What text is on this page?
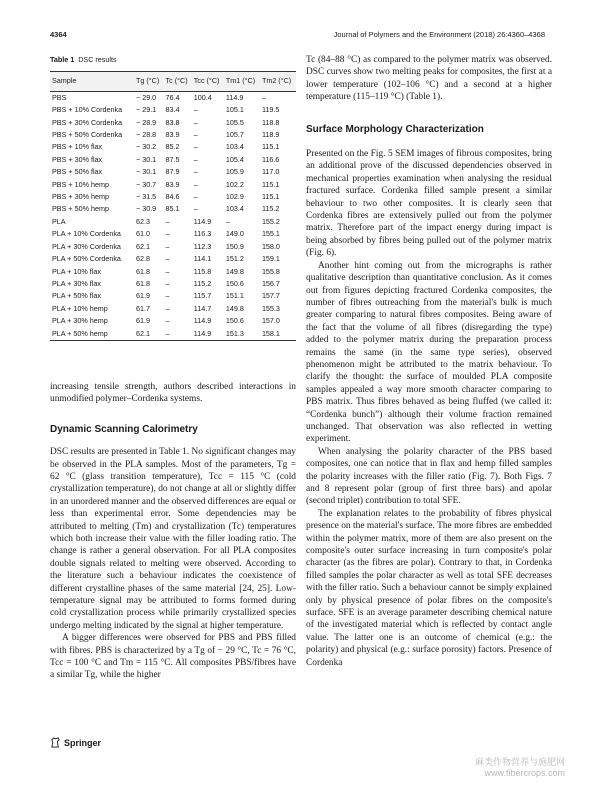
4364	Journal of Polymers and the Environment (2018) 26:4360–4368
Table 1 DSC results
Sample	Tg (°C)	Tc (°C)	Tcc (°C)	Tm1 (°C)	Tm2 (°C)
PBS	− 29.0	76.4	100.4	114.9	–
PBS + 10% Cordenka	− 29.1	83.4	–	105.1	119.5
PBS + 30% Cordenka	− 28.9	83.8	–	105.5	118.8
PBS + 50% Cordenka	− 28.8	83.9	–	105.7	118.9
PBS + 10% flax	− 30.2	85.2	–	103.4	115.1
PBS + 30% flax	− 30.1	87.5	–	105.4	116.6
PBS + 50% flax	− 30.1	87.9	–	105.9	117.0
PBS + 10% hemp	− 30.7	83.9	–	102.2	115.1
PBS + 30% hemp	− 31.5	84.6	–	102.9	115.1
PBS + 50% hemp	− 30.9	85.1	–	103.4	115.2
PLA	62.3	–	114.9	–	155.2
PLA + 10% Cordenka	61.0	–	116.3	149.0	155.1
PLA + 30% Cordenka	62.1	–	112.3	150.9	158.0
PLA + 50% Cordenka	62.8	–	114.1	151.2	159.1
PLA + 10% flax	61.8	–	115.8	149.8	155.8
PLA + 30% flax	61.8	–	115.2	150.6	156.7
PLA + 50% flax	61.9	–	115.7	151.1	157.7
PLA + 10% hemp	61.7	–	114.7	149.8	155.3
PLA + 30% hemp	61.9	–	114.9	150.6	157.0
PLA + 50% hemp	62.1	–	114.9	151.3	158.1

increasing tensile strength, authors described interactions in unmodified polymer–Cordenka systems.

Dynamic Scanning Calorimetry

DSC results are presented in Table 1. No significant changes may be observed in the PLA samples. Most of the parameters, Tg = 62 °C (glass transition temperature), Tcc = 115 °C (cold crystallization temperature), do not change at all or slightly differ in an unordered manner and the observed differences are equal or less than experimental error. Some dependencies may be attributed to melting (Tm) and crystallization (Tc) temperatures which both increase their value with the filler loading ratio. The change is rather a general observation. For all PLA composites double signals related to melting were observed. According to the literature such a behaviour indicates the coexistence of different crystalline phases of the same material [24, 25]. Low-temperature signal may be attributed to forms formed during cold crystallization process while primarily crystallized species undergo melting indicated by the signal at higher temperature.

A bigger differences were observed for PBS and PBS filled with fibres. PBS is characterized by a Tg of − 29 °C, Tc = 76 °C, Tcc = 100 °C and Tm = 115 °C. All composites PBS/fibres have a similar Tg, while the higher

Tc (84–88 °C) as compared to the polymer matrix was observed. DSC curves show two melting peaks for composites, the first at a lower temperature (102–106 °C) and a second at a higher temperature (115–119 °C) (Table 1).

Surface Morphology Characterization

Presented on the Fig. 5 SEM images of fibrous composites, bring an additional prove of the discussed dependencies observed in mechanical properties examination when analysing the residual fractured surface. Cordenka filled sample present a similar behaviour to two other composites. It is clearly seen that Cordenka fibres are extensively pulled out from the polymer matrix. Therefore part of the impact energy during impact is being absorbed by fibres being pulled out of the polymer matrix (Fig. 6).

Another hint coming out from the micrographs is rather qualitative description than quantitative conclusion. As it comes out from figures depicting fractured Cordenka composites, the number of fibres outreaching from the material's bulk is much greater comparing to natural fibres composites. Being aware of the fact that the volume of all fibres (disregarding the type) added to the polymer matrix during the preparation process remains the same (in the same type series), observed phenomenon might be attributed to the matrix behaviour. To clarify the thought: the surface of moulded PLA composite samples appealed a way more smooth character comparing to PBS matrix. Thus fibres behaved as being fluffed (we called it: “Cordenka bunch”) although their volume fraction remained unchanged. That observation was also reflected in wetting experiment.

When analysing the polarity character of the PBS based composites, one can notice that in flax and hemp filled samples the polarity increases with the filler ratio (Fig. 7). Both Figs. 7 and 8 represent polar (group of first three bars) and apolar (second triplet) contribution to total SFE.

The explanation relates to the probability of fibres physical presence on the material's surface. The more fibres are embedded within the polymer matrix, more of them are also present on the composite's outer surface increasing in turn composite's polar character (as the fibres are polar). Contrary to that, in Cordenka filled samples the polar character as well as total SFE decreases with the filler ratio. Such a behaviour cannot be simply explained only by physical presence of polar fibres on the composite's surface. SFE is an average parameter describing chemical nature of the investigated material which is reflected by contact angle value. The latter one is an outcome of chemical (e.g.: the polarity) and physical (e.g.: surface porosity) factors. Presence of Cordenka

Springer
麻类作物营养与施肥网
www.fibercrops.com
